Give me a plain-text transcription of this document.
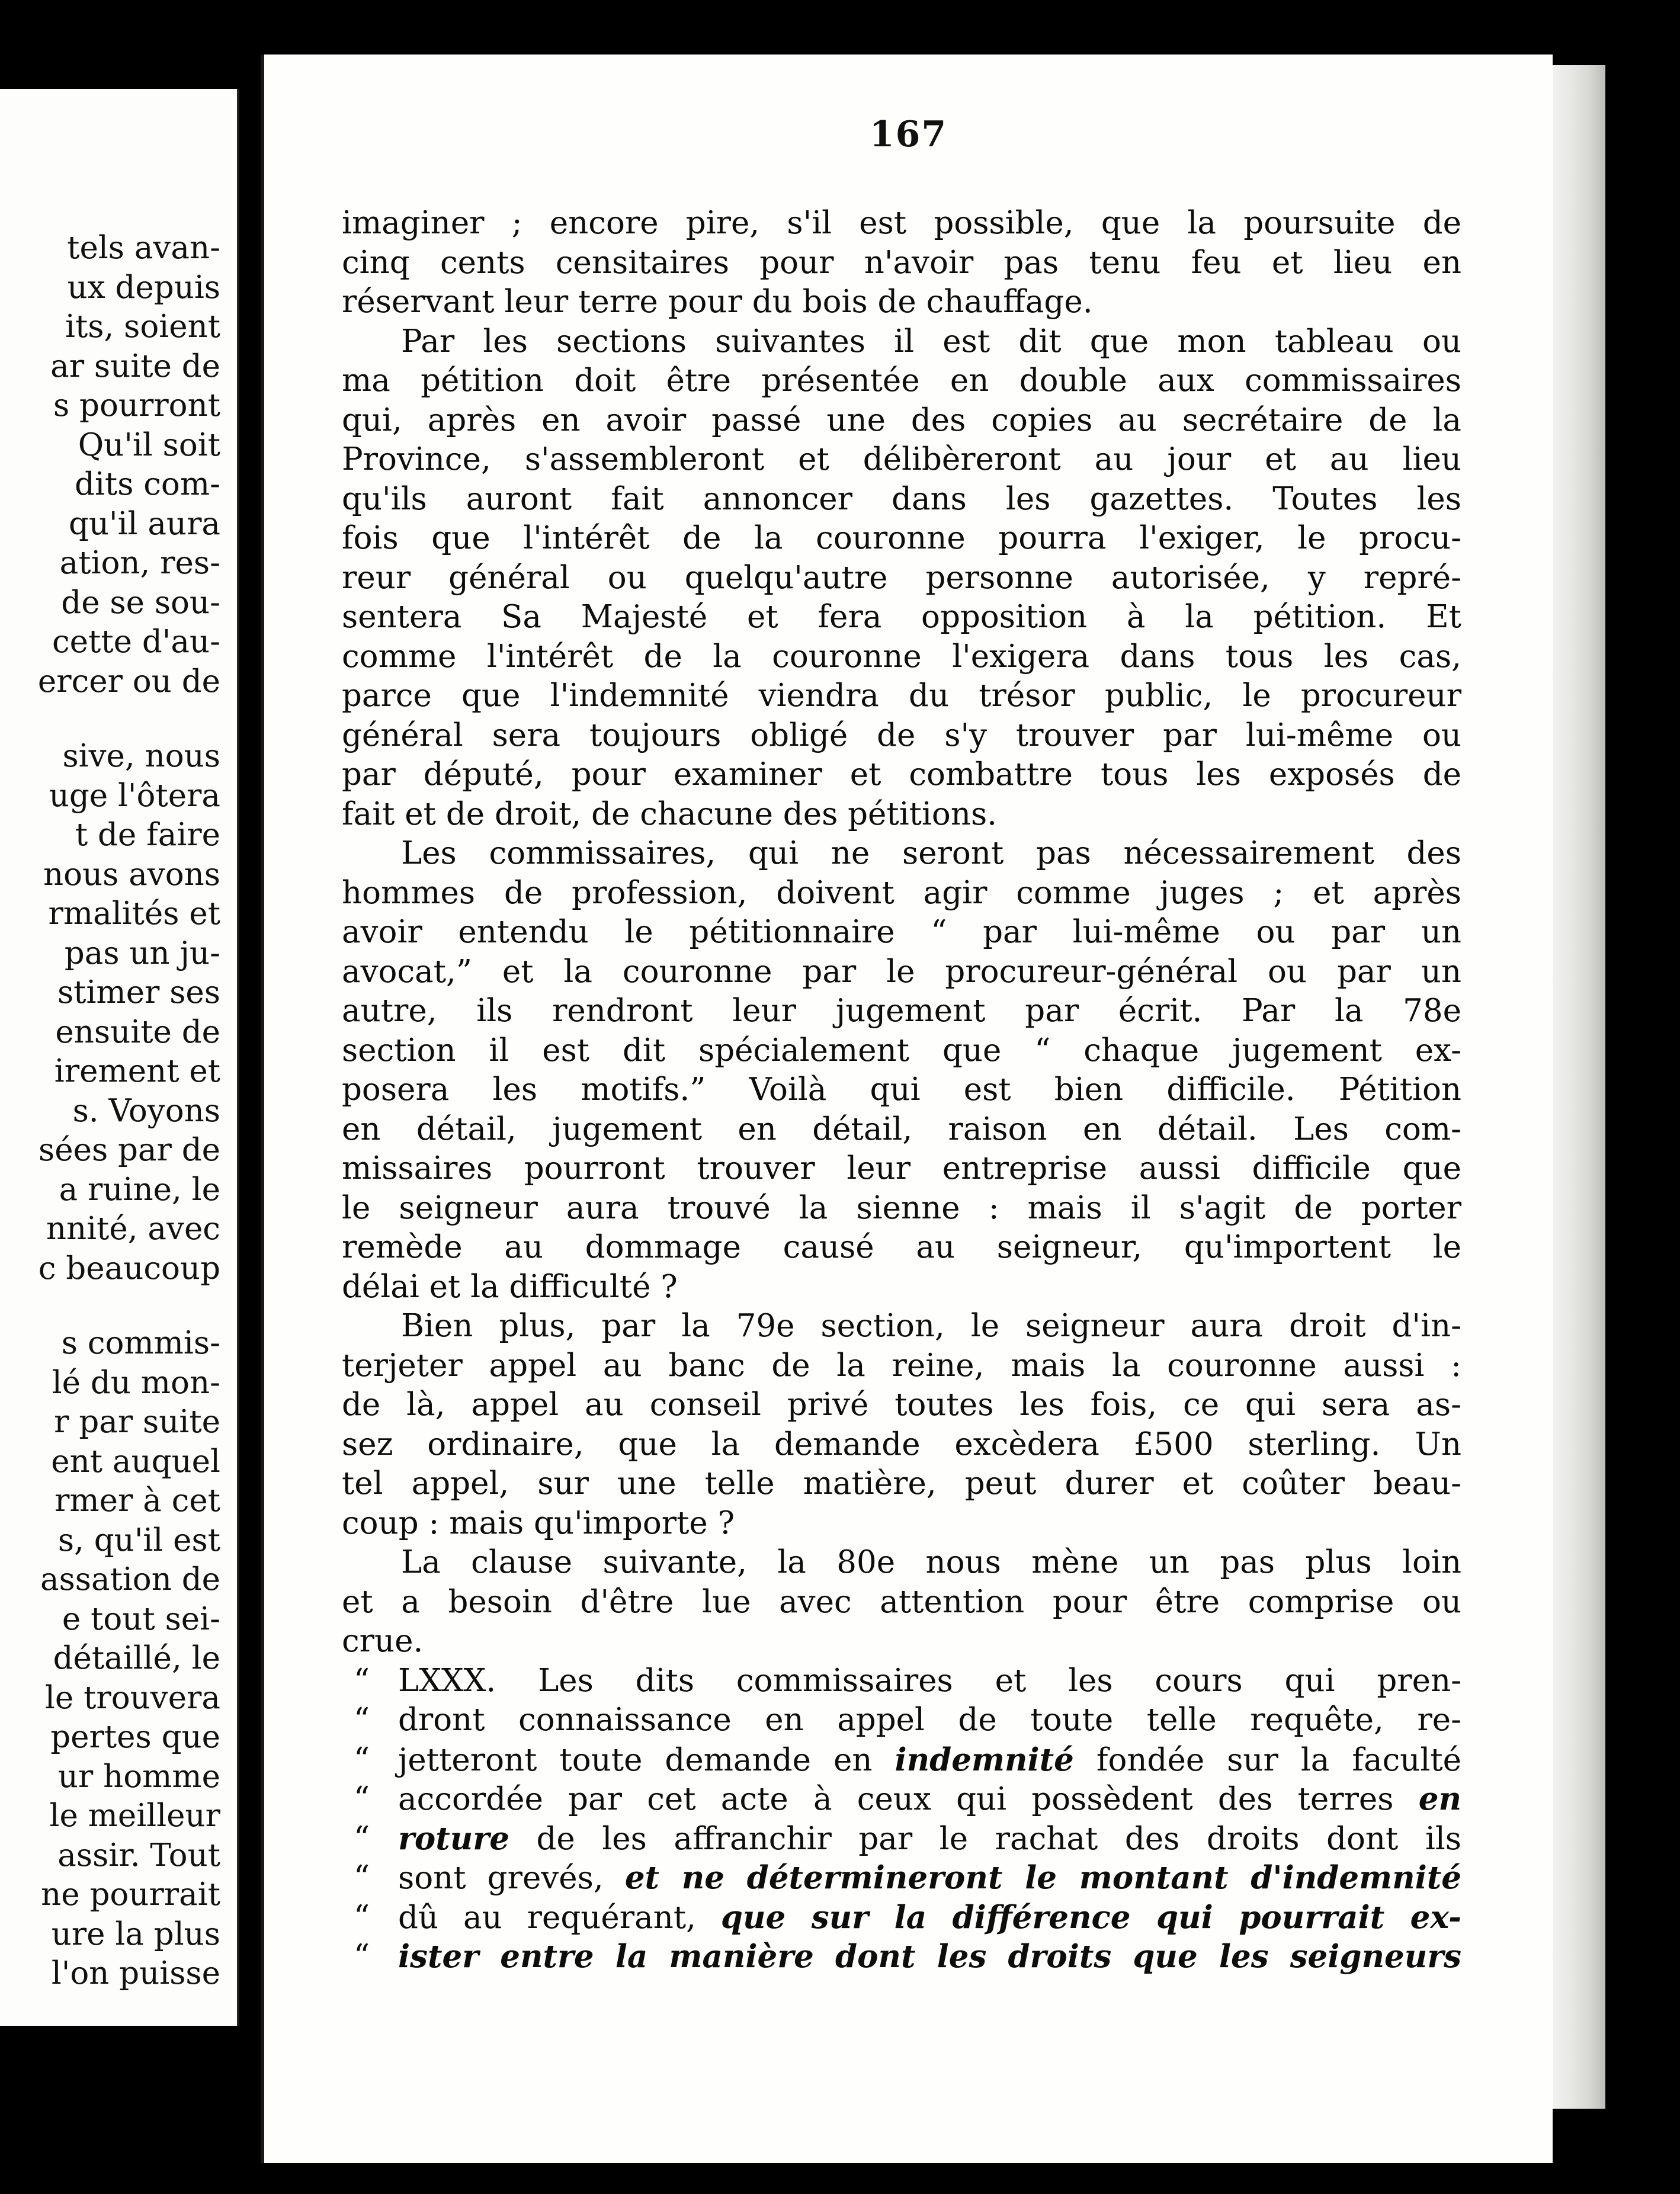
tels avan-
ux depuis
its, soient
ar suite de
s pourront
Qu'il soit
dits com-
qu'il aura
ation, res-
de se sou-
cette d'au-
ercer ou de
sive, nous
uge l'ôtera
t de faire
nous avons
rmalités et
pas un ju-
stimer ses
ensuite de
irement et
s. Voyons
sées par de
a ruine, le
nnité, avec
c beaucoup
s commis-
lé du mon-
r par suite
ent auquel
rmer à cet
s, qu'il est
assation de
e tout sei-
détaillé, le
le trouvera
pertes que
ur homme
le meilleur
assir. Tout
ne pourrait
ure la plus
l'on puisse
167
imaginer ; encore pire, s'il est possible, que la poursuite de
cinq cents censitaires pour n'avoir pas tenu feu et lieu en
réservant leur terre pour du bois de chauffage.
Par les sections suivantes il est dit que mon tableau ou
ma pétition doit être présentée en double aux commissaires
qui, après en avoir passé une des copies au secrétaire de la
Province, s'assembleront et délibèreront au jour et au lieu
qu'ils auront fait annoncer dans les gazettes. Toutes les
fois que l'intérêt de la couronne pourra l'exiger, le procu-
reur général ou quelqu'autre personne autorisée, y repré-
sentera Sa Majesté et fera opposition à la pétition. Et
comme l'intérêt de la couronne l'exigera dans tous les cas,
parce que l'indemnité viendra du trésor public, le procureur
général sera toujours obligé de s'y trouver par lui-même ou
par député, pour examiner et combattre tous les exposés de
fait et de droit, de chacune des pétitions.
Les commissaires, qui ne seront pas nécessairement des
hommes de profession, doivent agir comme juges ; et après
avoir entendu le pétitionnaire “ par lui-même ou par un
avocat,” et la couronne par le procureur-général ou par un
autre, ils rendront leur jugement par écrit. Par la 78e
section il est dit spécialement que “ chaque jugement ex-
posera les motifs.” Voilà qui est bien difficile. Pétition
en détail, jugement en détail, raison en détail. Les com-
missaires pourront trouver leur entreprise aussi difficile que
le seigneur aura trouvé la sienne : mais il s'agit de porter
remède au dommage causé au seigneur, qu'importent le
délai et la difficulté ?
Bien plus, par la 79e section, le seigneur aura droit d'in-
terjeter appel au banc de la reine, mais la couronne aussi :
de là, appel au conseil privé toutes les fois, ce qui sera as-
sez ordinaire, que la demande excèdera £500 sterling. Un
tel appel, sur une telle matière, peut durer et coûter beau-
coup : mais qu'importe ?
La clause suivante, la 80e nous mène un pas plus loin
et a besoin d'être lue avec attention pour être comprise ou
crue.
“ LXXX. Les dits commissaires et les cours qui pren-
“ dront connaissance en appel de toute telle requête, re-
“ jetteront toute demande en indemnité fondée sur la faculté
“ accordée par cet acte à ceux qui possèdent des terres en
“ roture de les affranchir par le rachat des droits dont ils
“ sont grevés, et ne détermineront le montant d'indemnité
“ dû au requérant, que sur la différence qui pourrait ex-
“ ister entre la manière dont les droits que les seigneurs
